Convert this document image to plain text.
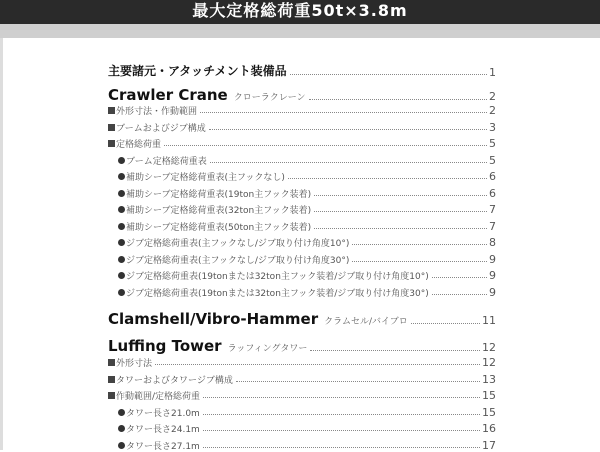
最大定格総荷重50t×3.8m
主要諸元・アタッチメント装備品	1
Crawler Crane クローラクレーン	2
外形寸法・作動範囲	2
ブームおよびジブ構成	3
定格総荷重	5
ブーム定格総荷重表	5
補助シーブ定格総荷重表(主フックなし)	6
補助シーブ定格総荷重表(19ton主フック装着)	6
補助シーブ定格総荷重表(32ton主フック装着)	7
補助シーブ定格総荷重表(50ton主フック装着)	7
ジブ定格総荷重表(主フックなし/ジブ取り付け角度10°)	8
ジブ定格総荷重表(主フックなし/ジブ取り付け角度30°)	9
ジブ定格総荷重表(19tonまたは32ton主フック装着/ジブ取り付け角度10°)	9
ジブ定格総荷重表(19tonまたは32ton主フック装着/ジブ取り付け角度30°)	9
Clamshell/Vibro-Hammer クラムセル/バイブロ	11
Luffing Tower ラッフィングタワー	12
外形寸法	12
タワーおよびタワージブ構成	13
作動範囲/定格総荷重	15
タワー長さ21.0m	15
タワー長さ24.1m	16
タワー長さ27.1m	17
